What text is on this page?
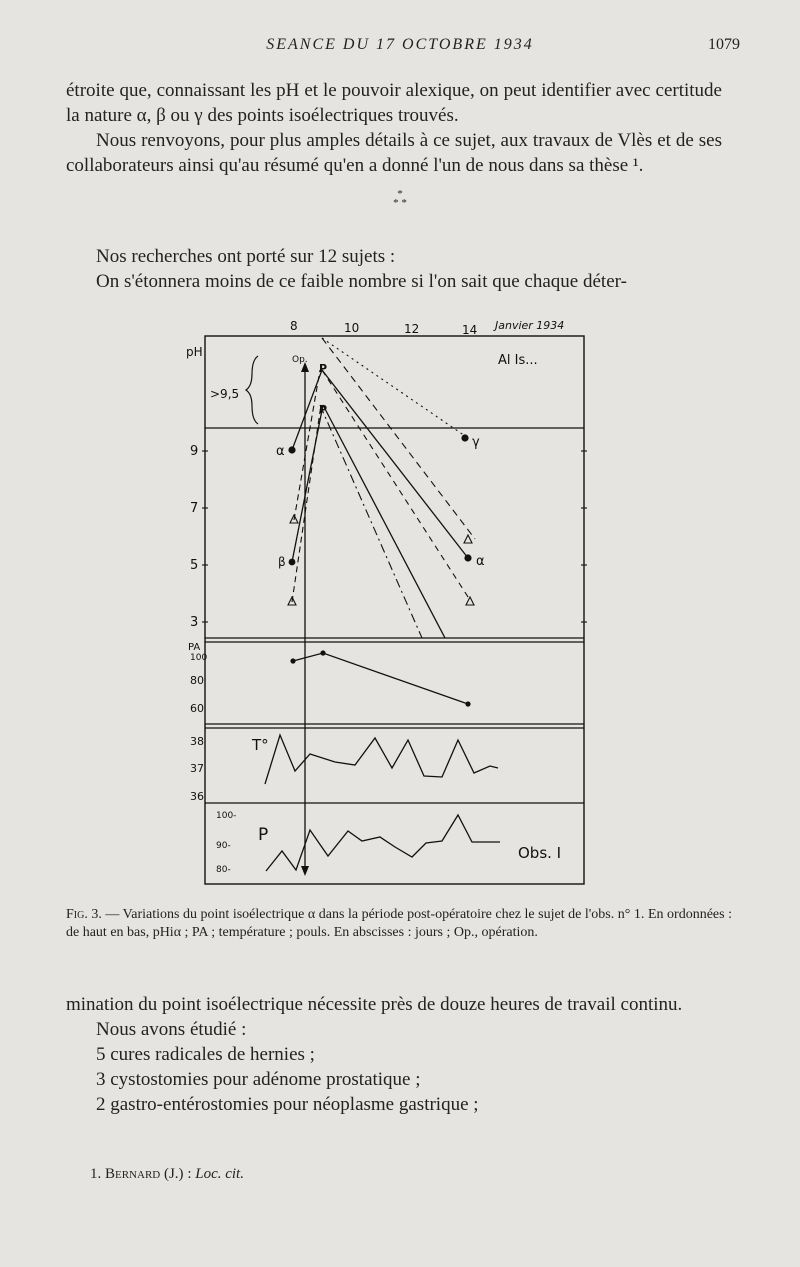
SEANCE DU 17 OCTOBRE 1934	1079

étroite que, connaissant les pH et le pouvoir alexique, on peut identifier avec certitude la nature α, β ou γ des points isoélectriques trouvés.

Nous renvoyons, pour plus amples détails à ce sujet, aux travaux de Vlès et de ses collaborateurs ainsi qu'au résumé qu'en a donné l'un de nous dans sa thèse ¹.

*
* *

Nos recherches ont porté sur 12 sujets :

On s'étonnera moins de ce faible nombre si l'on sait que chaque déter-

8	10	12	14 Janvier 1934
pH
Al Is...
>9,5
Op.
9
7
5
3
α
β
γ
α
P
P
PA
100
80
60
38
37
36
T°
100-
90-
80-
P
Obs. I
Fig. 3. — Variations du point isoélectrique α dans la période post-opératoire chez le sujet de l'obs. n° 1. En ordonnées : de haut en bas, pHiα ; PA ; température ; pouls. En abscisses : jours ; Op., opération.

mination du point isoélectrique nécessite près de douze heures de travail continu.

Nous avons étudié :

5 cures radicales de hernies ;

3 cystostomies pour adénome prostatique ;

2 gastro-entérostomies pour néoplasme gastrique ;

1. Bernard (J.) : Loc. cit.
